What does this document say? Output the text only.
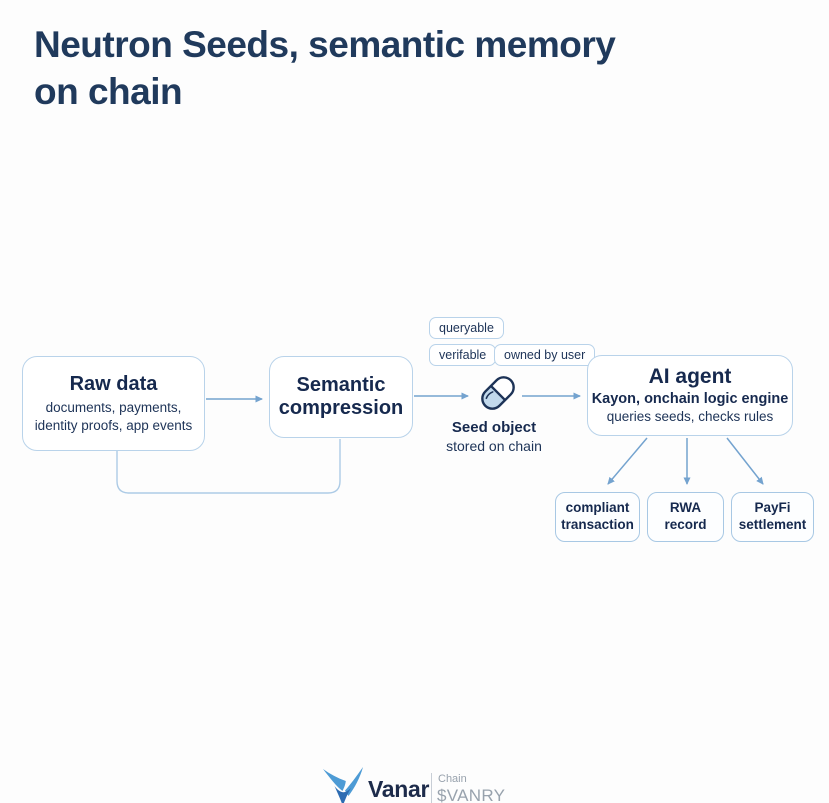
Neutron Seeds, semantic memory on chain
Raw data
documents, payments,
identity proofs, app events
Semantic compression
queryable
verifable	owned by user
Seed object
stored on chain
AI agent
Kayon, onchain logic engine
queries seeds, checks rules
compliant transaction
RWA record
PayFi settlement
Vanar Chain
$VANRY
